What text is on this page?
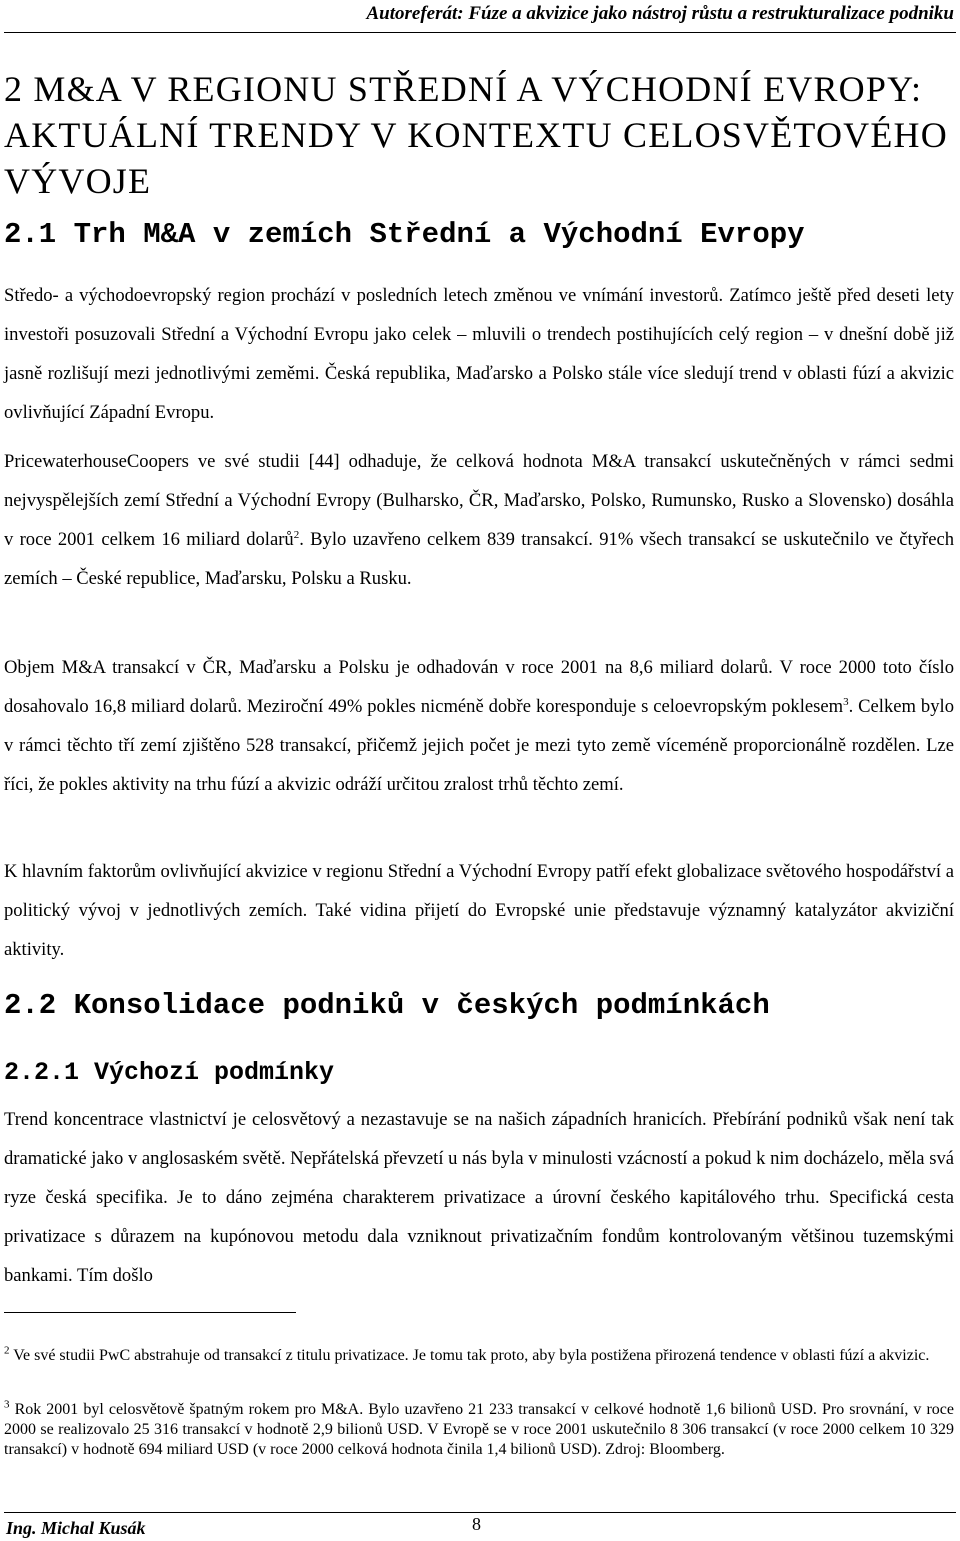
Autoreferát: Fúze a akvizice jako nástroj růstu a restrukturalizace podniku
2 M&A V REGIONU STŘEDNÍ A VÝCHODNÍ EVROPY: AKTUÁLNÍ TRENDY V KONTEXTU CELOSVĚTOVÉHO VÝVOJE
2.1 Trh M&A v zemích Střední a Východní Evropy

Středo- a východoevropský region prochází v posledních letech změnou ve vnímání investorů. Zatímco ještě před deseti lety investoři posuzovali Střední a Východní Evropu jako celek – mluvili o trendech postihujících celý region – v dnešní době již jasně rozlišují mezi jednotlivými zeměmi. Česká republika, Maďarsko a Polsko stále více sledují trend v oblasti fúzí a akvizic ovlivňující Západní Evropu.

PricewaterhouseCoopers ve své studii [44] odhaduje, že celková hodnota M&A transakcí uskutečněných v rámci sedmi nejvyspělejších zemí Střední a Východní Evropy (Bulharsko, ČR, Maďarsko, Polsko, Rumunsko, Rusko a Slovensko) dosáhla v roce 2001 celkem 16 miliard dolarů$^2$. Bylo uzavřeno celkem 839 transakcí. 91% všech transakcí se uskutečnilo ve čtyřech zemích – České republice, Maďarsku, Polsku a Rusku.

Objem M&A transakcí v ČR, Maďarsku a Polsku je odhadován v roce 2001 na 8,6 miliard dolarů. V roce 2000 toto číslo dosahovalo 16,8 miliard dolarů. Meziroční 49% pokles nicméně dobře koresponduje s celoevropským poklesem$^3$. Celkem bylo v rámci těchto tří zemí zjištěno 528 transakcí, přičemž jejich počet je mezi tyto země víceméně proporcionálně rozdělen. Lze říci, že pokles aktivity na trhu fúzí a akvizic odráží určitou zralost trhů těchto zemí.

K hlavním faktorům ovlivňující akvizice v regionu Střední a Východní Evropy patří efekt globalizace světového hospodářství a politický vývoj v jednotlivých zemích. Také vidina přijetí do Evropské unie představuje významný katalyzátor akviziční aktivity.

2.2 Konsolidace podniků v českých podmínkách
2.2.1 Výchozí podmínky

Trend koncentrace vlastnictví je celosvětový a nezastavuje se na našich západních hranicích. Přebírání podniků však není tak dramatické jako v anglosaském světě. Nepřátelská převzetí u nás byla v minulosti vzácností a pokud k nim docházelo, měla svá ryze česká specifika. Je to dáno zejména charakterem privatizace a úrovní českého kapitálového trhu. Specifická cesta privatizace s důrazem na kupónovou metodu dala vzniknout privatizačním fondům kontrolovaným většinou tuzemskými bankami. Tím došlo

$^2$ Ve své studii PwC abstrahuje od transakcí z titulu privatizace. Je tomu tak proto, aby byla postižena přirozená tendence v oblasti fúzí a akvizic.

$^3$ Rok 2001 byl celosvětově špatným rokem pro M&A. Bylo uzavřeno 21 233 transakcí v celkové hodnotě 1,6 bilionů USD. Pro srovnání, v roce 2000 se realizovalo 25 316 transakcí v hodnotě 2,9 bilionů USD. V Evropě se v roce 2001 uskutečnilo 8 306 transakcí (v roce 2000 celkem 10 329 transakcí) v hodnotě 694 miliard USD (v roce 2000 celková hodnota činila 1,4 bilionů USD). Zdroj: Bloomberg.

Ing. Michal Kusák	8
